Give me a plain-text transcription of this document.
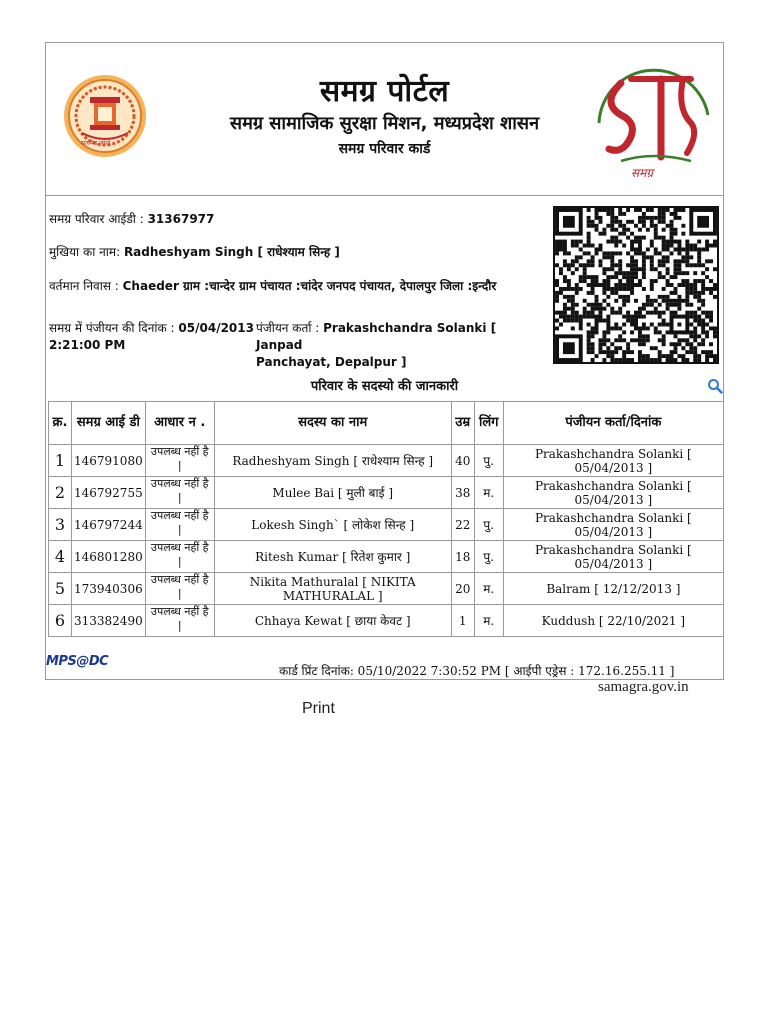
सत्यमेव जयते
समग्र पोर्टल
समग्र सामाजिक सुरक्षा मिशन, मध्यप्रदेश शासन
समग्र परिवार कार्ड
समग्र
समग्र परिवार आईडी : 31367977
मुखिया का नाम: Radheshyam Singh [ राधेश्याम सिन्ह ]
वर्तमान निवास : Chaeder ग्राम :चान्देर ग्राम पंचायत :चांदेर जनपद पंचायत, देपालपुर जिला :इन्दौर
समग्र में पंजीयन की दिनांक : 05/04/2013
2:21:00 PM
पंजीयन कर्ता : Prakashchandra Solanki [ Janpad
Panchayat, Depalpur ]
परिवार के सदस्यो की जानकारी
क्र.	समग्र आई डी	आधार न .	सदस्य का नाम	उम्र	लिंग	पंजीयन कर्ता/दिनांक
1	146791080	उपलब्ध नहीं है |	Radheshyam Singh [ राधेश्याम सिन्ह ]	40	पु.	Prakashchandra Solanki [ 05/04/2013 ]
2	146792755	उपलब्ध नहीं है |	Mulee Bai [ मुली बाई ]	38	म.	Prakashchandra Solanki [ 05/04/2013 ]
3	146797244	उपलब्ध नहीं है |	Lokesh Singh` [ लोकेश सिन्ह ]	22	पु.	Prakashchandra Solanki [ 05/04/2013 ]
4	146801280	उपलब्ध नहीं है |	Ritesh Kumar [ रितेश कुमार ]	18	पु.	Prakashchandra Solanki [ 05/04/2013 ]
5	173940306	उपलब्ध नहीं है |	Nikita Mathuralal [ NIKITA MATHURALAL ]	20	म.	Balram [ 12/12/2013 ]
6	313382490	उपलब्ध नहीं है |	Chhaya Kewat [ छाया केवट ]	1	म.	Kuddush [ 22/10/2021 ]
MPS@DC
कार्ड प्रिंट दिनांक: 05/10/2022 7:30:52 PM [ आईपी एड्रेस : 172.16.255.11 ]
samagra.gov.in
Print
